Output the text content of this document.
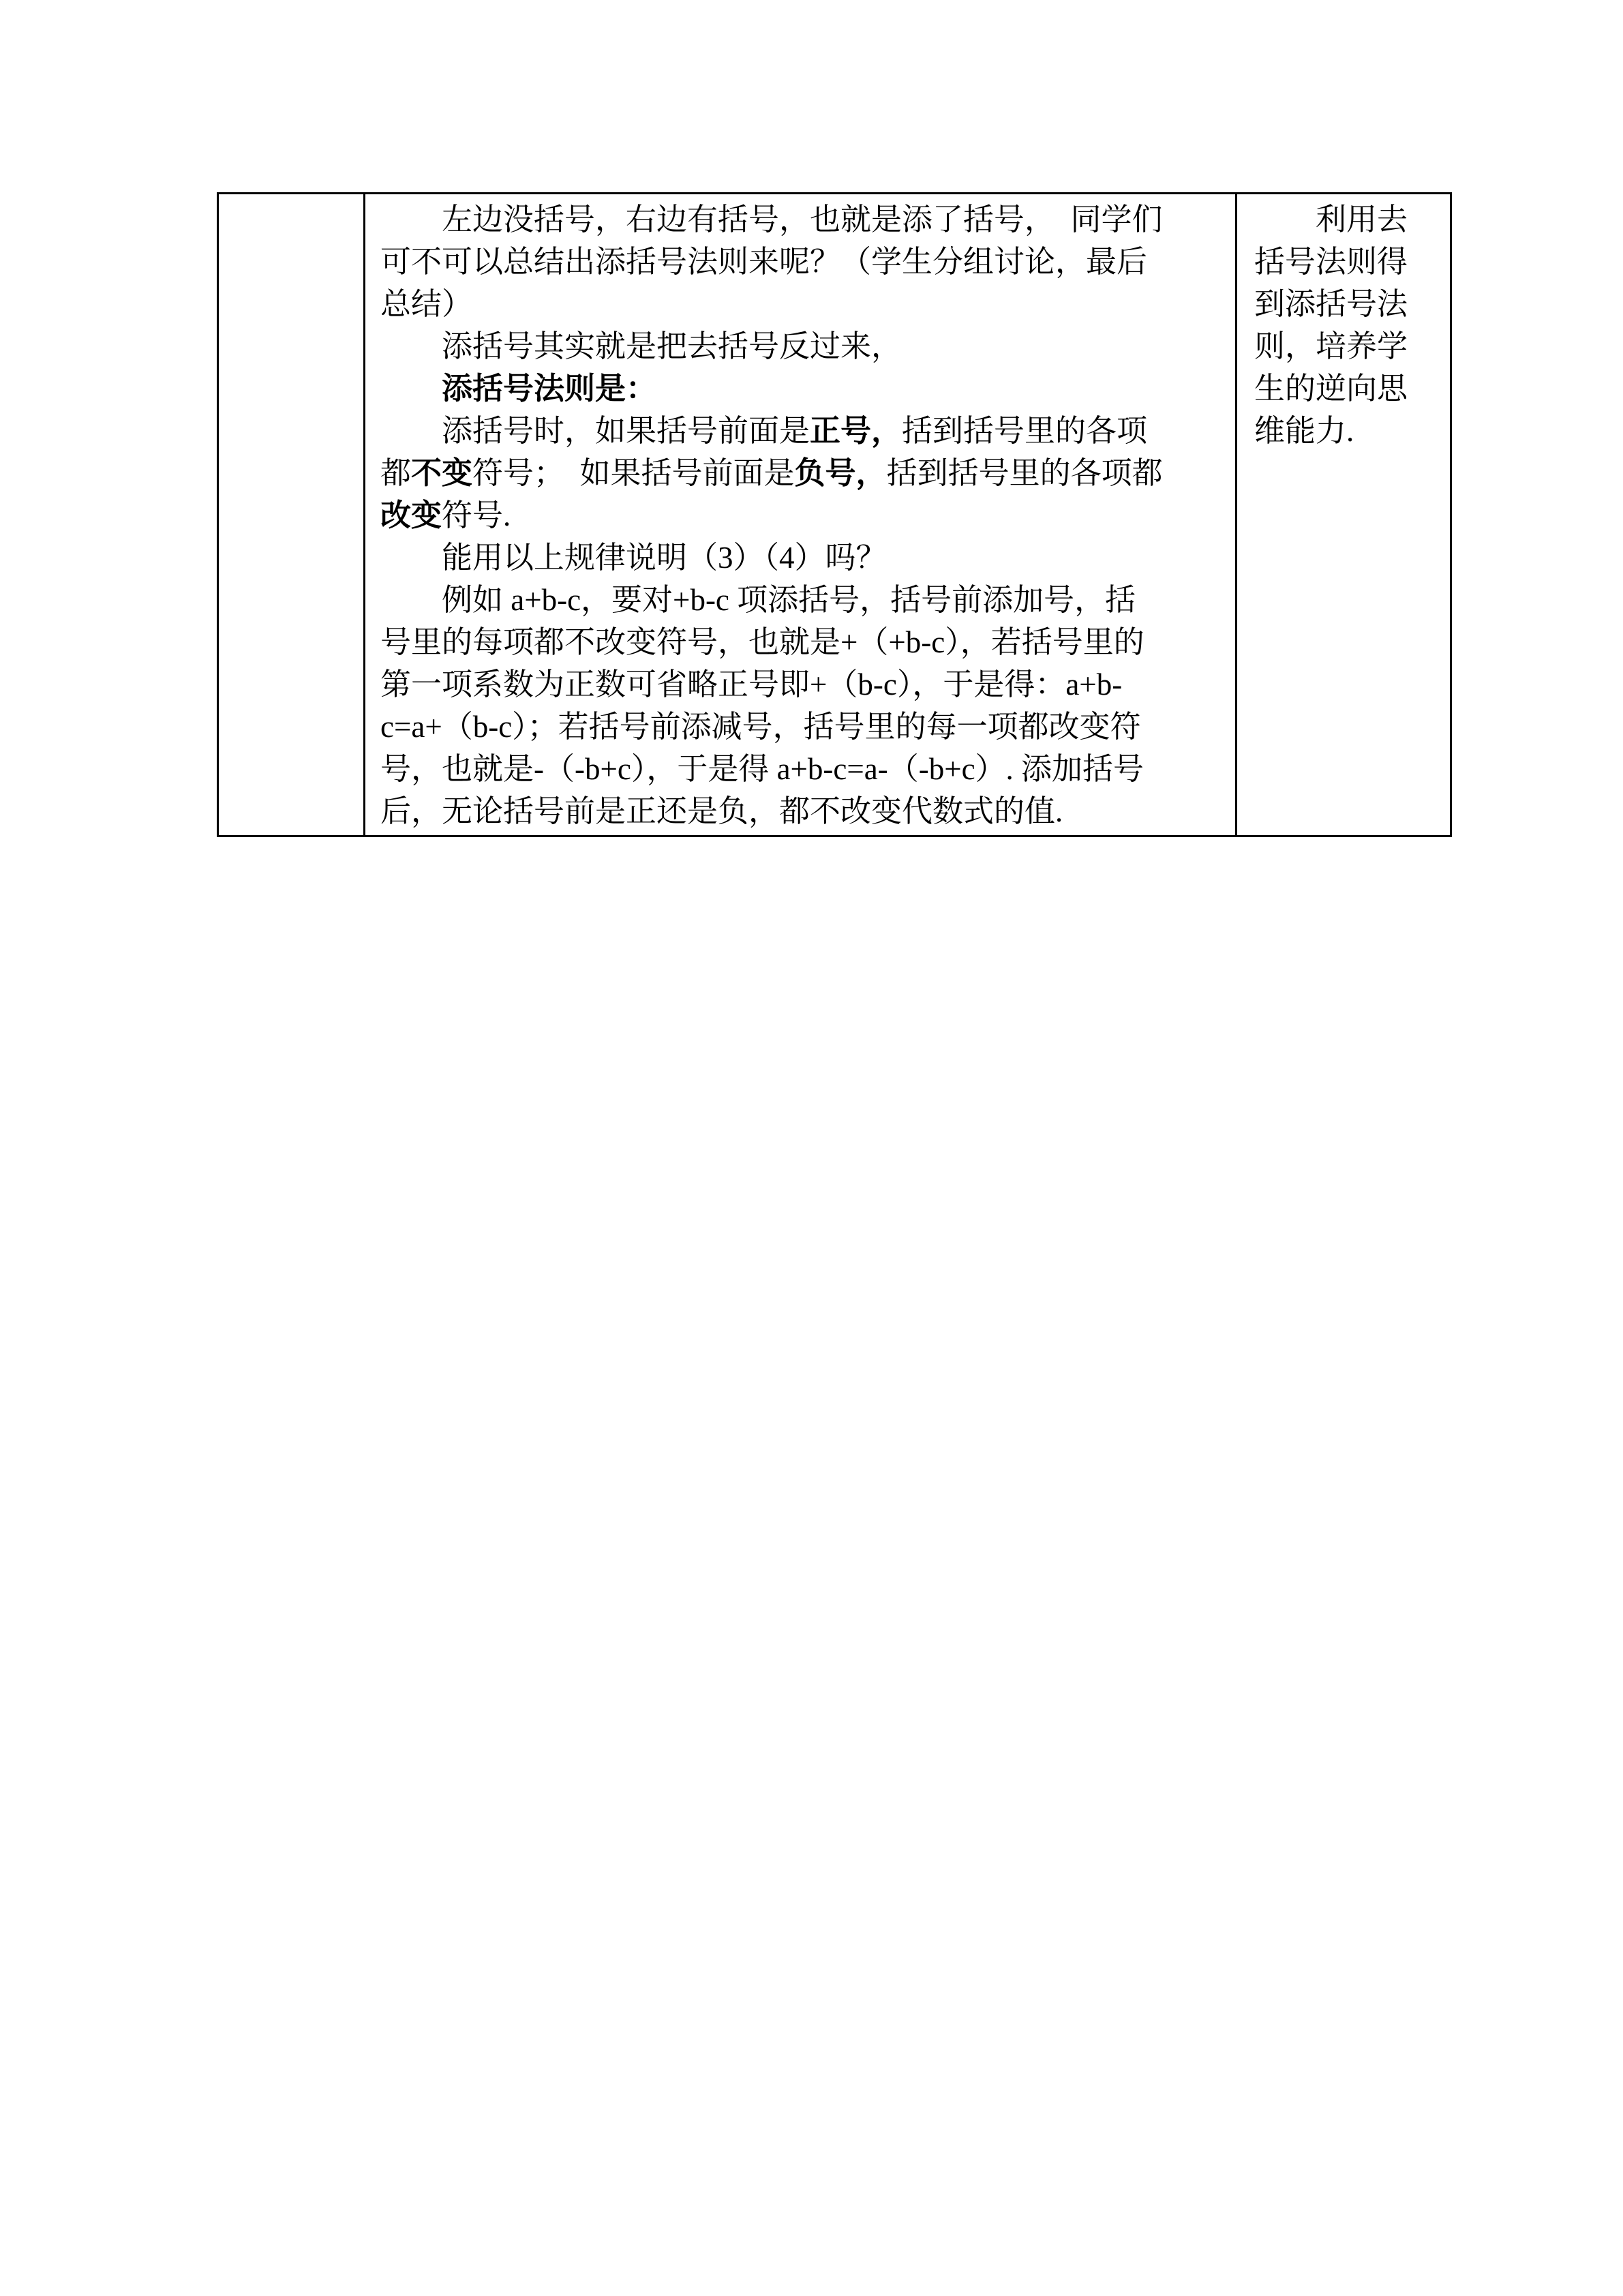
　　左边没括号，右边有括号，也就是添了括号，　同学们
可不可以总结出添括号法则来呢？（学生分组讨论，最后
总结）
　　添括号其实就是把去括号反过来，
　　添括号法则是：
　　添括号时，如果括号前面是正号，括到括号里的各项
都不变符号；　如果括号前面是负号，括到括号里的各项都
改变符号.
　　能用以上规律说明（3）（4）吗？
　　例如 a+b-c，要对+b-c 项添括号，括号前添加号，括
号里的每项都不改变符号，也就是+（+b-c），若括号里的
第一项系数为正数可省略正号即+（b-c），于是得：a+b-
c=a+（b-c）；若括号前添减号，括号里的每一项都改变符
号，也就是-（-b+c），于是得 a+b-c=a-（-b+c）. 添加括号
后，无论括号前是正还是负，都不改变代数式的值.
　　利用去
括号法则得
到添括号法
则，培养学
生的逆向思
维能力.
